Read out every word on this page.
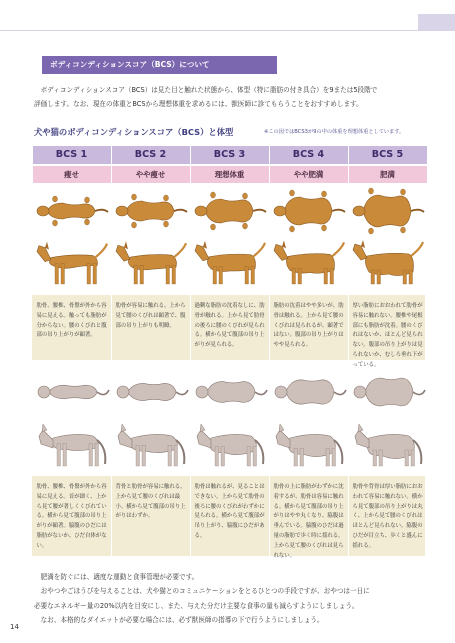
ボディコンディションスコア（BCS）について

ボディコンディションスコア（BCS）は見た目と触れた状態から、体型（特に脂肪の付き具合）を9または5段階で

評価します。なお、現在の体重とBCSから理想体重を求めるには、獣医師に診てもらうことをおすすめします。

犬や猫のボディコンディションスコア（BCS）と体型	※この図ではBCS3が9の中の体重を理想体重としています。
BCS 1
痩せ
肋骨、腰椎、骨盤が外から容易に見える。触っても脂肪が分からない。腰のくびれと腹部の吊り上がりが顕著。
肋骨、腰椎、骨盤が外から容易に見える。首が細く、上から見て腰が著しくくびれている。横から見て腹部の吊り上がりが顕著。脇腹のひだには脂肪がないか、ひだ自体がない。
BCS 2
やや痩せ
肋骨が容易に触れる。上から見て腰のくびれは顕著で、腹部の吊り上がりも明瞭。
背骨と肋骨が容易に触れる。上から見て腰のくびれは最小。横から見て腹部の吊り上がりはわずか。
BCS 3
理想体重
過剰な脂肪の沈着なしに、肋骨が触れる。上から見て肋骨の後ろに腰のくびれが見られる。横から見て腹部の吊り上がりが見られる。
肋骨は触れるが、見ることはできない。上から見て肋骨の後ろに腰のくびれがわずかに見られる。横から見て腹部が吊り上がり、脇腹にひだがある。
BCS 4
やや肥満
脂肪の沈着はやや多いが、肋骨は触れる。上から見て腰のくびれは見られるが、顕著ではない。腹部の吊り上がりはやや見られる。
肋骨の上に脂肪がわずかに沈着するが、肋骨は容易に触れる。横から見て腹部の吊り上がりはやや丸くなり、脇腹は垂んでいる。脇腹のひだは過量の脂肪で歩く時に揺れる。上から見て腰のくびれは見られない。
BCS 5
肥満
厚い脂肪におおわれて肋骨が容易に触れない。腰椎や尾根部にも脂肪が沈着。腰のくびれはないか、ほとんど見られない。腹部の吊り上がりは見られないか、むしろ垂れ下がっている。
肋骨や背骨は厚い脂肪におおわれて容易に触れない。横から見て腹部の吊り上がりは丸く、上から見て腰のくびれはほとんど見られない。脇腹のひだが目立ち、歩くと盛んに揺れる。

肥満を防ぐには、適度な運動と食事管理が必要です。

おやつやごほうびを与えることは、犬や猫とのコミュニケーションをとるひとつの手段ですが、おやつは一日に

必要なエネルギー量の20%以内を目安にし、また、与えた分だけ主要な食事の量も減らすようにしましょう。

なお、本格的なダイエットが必要な場合には、必ず獣医師の指導の下で行うようにしましょう。

14
